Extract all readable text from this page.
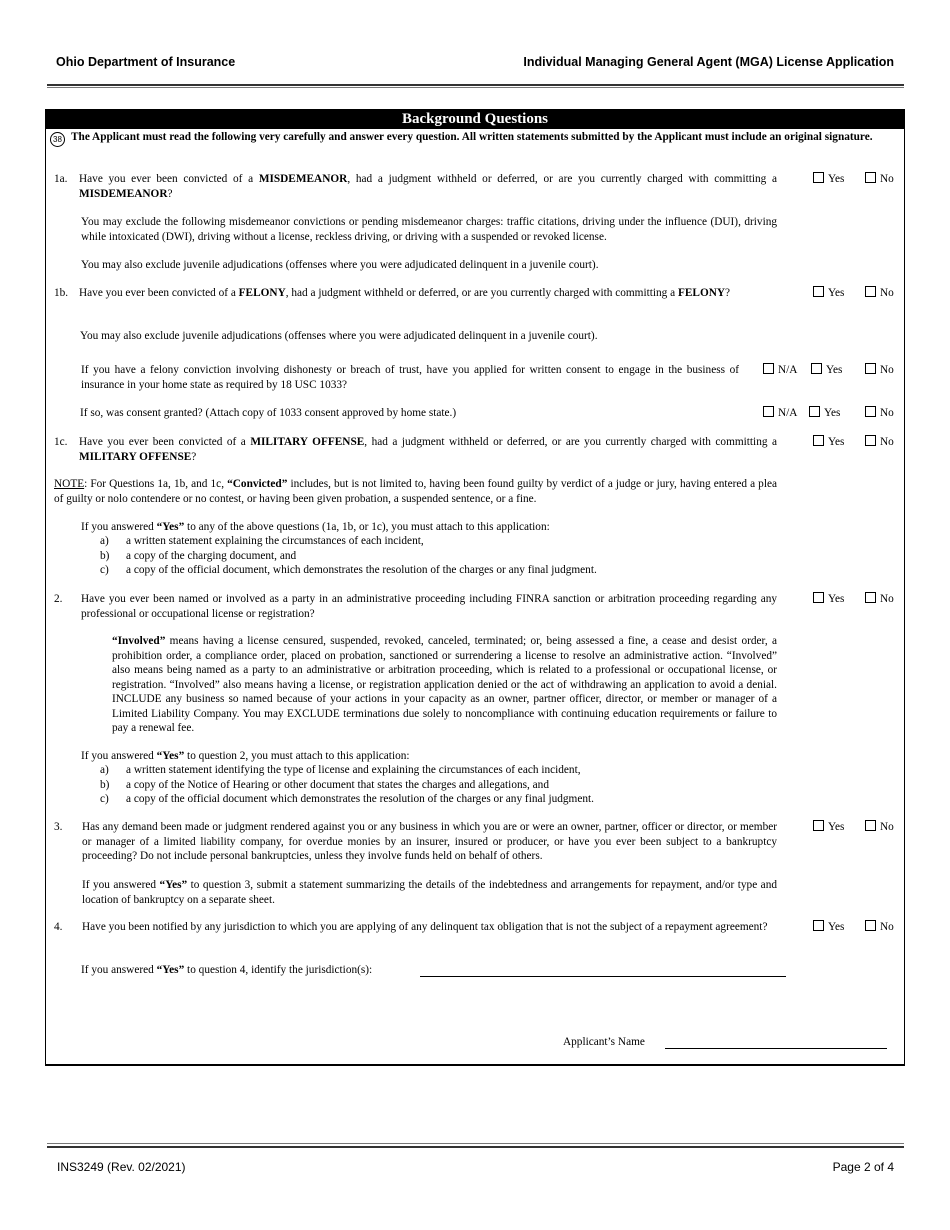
Ohio Department of Insurance	Individual Managing General Agent (MGA) License Application
Background Questions
38 The Applicant must read the following very carefully and answer every question. All written statements submitted by the Applicant must include an original signature.
1a. Have you ever been convicted of a MISDEMEANOR, had a judgment withheld or deferred, or are you currently charged with committing a MISDEMEANOR?
Yes	No
You may exclude the following misdemeanor convictions or pending misdemeanor charges: traffic citations, driving under the influence (DUI), driving while intoxicated (DWI), driving without a license, reckless driving, or driving with a suspended or revoked license.
You may also exclude juvenile adjudications (offenses where you were adjudicated delinquent in a juvenile court).
1b. Have you ever been convicted of a FELONY, had a judgment withheld or deferred, or are you currently charged with committing a FELONY?	Yes	No
You may also exclude juvenile adjudications (offenses where you were adjudicated delinquent in a juvenile court).
If you have a felony conviction involving dishonesty or breach of trust, have you applied for written consent to engage in the business of insurance in your home state as required by 18 USC 1033?
N/A	Yes	No
If so, was consent granted? (Attach copy of 1033 consent approved by home state.)	N/A	Yes	No
1c. Have you ever been convicted of a MILITARY OFFENSE, had a judgment withheld or deferred, or are you currently charged with committing a MILITARY OFFENSE?
Yes	No
NOTE: For Questions 1a, 1b, and 1c, “Convicted” includes, but is not limited to, having been found guilty by verdict of a judge or jury, having entered a plea of guilty or nolo contendere or no contest, or having been given probation, a suspended sentence, or a fine.
If you answered “Yes” to any of the above questions (1a, 1b, or 1c), you must attach to this application:
a) a written statement explaining the circumstances of each incident,
b) a copy of the charging document, and
c) a copy of the official document, which demonstrates the resolution of the charges or any final judgment.
2. Have you ever been named or involved as a party in an administrative proceeding including FINRA sanction or arbitration proceeding regarding any professional or occupational license or registration?
Yes	No
“Involved” means having a license censured, suspended, revoked, canceled, terminated; or, being assessed a fine, a cease and desist order, a prohibition order, a compliance order, placed on probation, sanctioned or surrendering a license to resolve an administrative action. “Involved” also means being named as a party to an administrative or arbitration proceeding, which is related to a professional or occupational license, or registration. “Involved” also means having a license, or registration application denied or the act of withdrawing an application to avoid a denial. INCLUDE any business so named because of your actions in your capacity as an owner, partner officer, director, or member or manager of a Limited Liability Company. You may EXCLUDE terminations due solely to noncompliance with continuing education requirements or failure to pay a renewal fee.
If you answered “Yes” to question 2, you must attach to this application:
a) a written statement identifying the type of license and explaining the circumstances of each incident,
b) a copy of the Notice of Hearing or other document that states the charges and allegations, and
c) a copy of the official document which demonstrates the resolution of the charges or any final judgment.
3. Has any demand been made or judgment rendered against you or any business in which you are or were an owner, partner, officer or director, or member or manager of a limited liability company, for overdue monies by an insurer, insured or producer, or have you ever been subject to a bankruptcy proceeding? Do not include personal bankruptcies, unless they involve funds held on behalf of others.
Yes	No
If you answered “Yes” to question 3, submit a statement summarizing the details of the indebtedness and arrangements for repayment, and/or type and location of bankruptcy on a separate sheet.
4. Have you been notified by any jurisdiction to which you are applying of any delinquent tax obligation that is not the subject of a repayment agreement?	Yes	No
If you answered “Yes” to question 4, identify the jurisdiction(s):
Applicant’s Name
INS3249 (Rev. 02/2021)	Page 2 of 4
